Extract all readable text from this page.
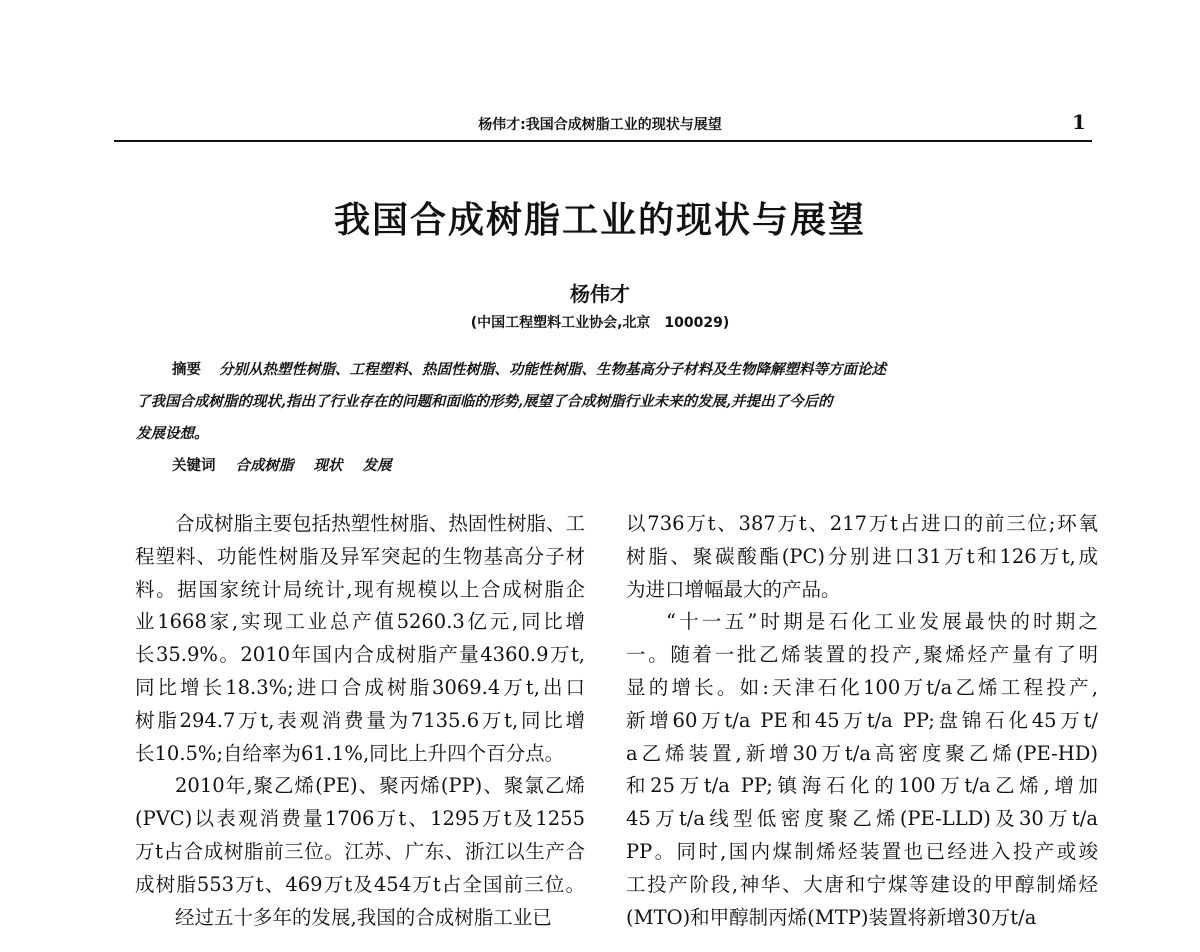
杨伟才:我国合成树脂工业的现状与展望	1
我国合成树脂工业的现状与展望
杨伟才
(中国工程塑料工业协会,北京　100029)
摘要 分别从热塑性树脂、工程塑料、热固性树脂、功能性树脂、生物基高分子材料及生物降解塑料等方面论述
了我国合成树脂的现状,指出了行业存在的问题和面临的形势,展望了合成树脂行业未来的发展,并提出了今后的
发展设想。
关键词 合成树脂 现状 发展
合成树脂主要包括热塑性树脂、热固性树脂、工
程塑料、功能性树脂及异军突起的生物基高分子材
料。据国家统计局统计,现有规模以上合成树脂企
业1668家,实现工业总产值5260.3亿元,同比增
长35.9%。2010年国内合成树脂产量4360.9万t,
同比增长18.3%;进口合成树脂3069.4万t,出口
树脂294.7万t,表观消费量为7135.6万t,同比增
长10.5%;自给率为61.1%,同比上升四个百分点。
2010年,聚乙烯(PE)、聚丙烯(PP)、聚氯乙烯
(PVC)以表观消费量1706万t、1295万t及1255
万t占合成树脂前三位。江苏、广东、浙江以生产合
成树脂553万t、469万t及454万t占全国前三位。
经过五十多年的发展,我国的合成树脂工业已
以736万t、387万t、217万t占进口的前三位;环氧
树脂、聚碳酸酯(PC)分别进口31万t和126万t,成
为进口增幅最大的产品。
“十一五”时期是石化工业发展最快的时期之
一。随着一批乙烯装置的投产,聚烯烃产量有了明
显的增长。如:天津石化100万t/a乙烯工程投产,
新增60万t/a PE和45万t/a PP;盘锦石化45万t/
a乙烯装置,新增30万t/a高密度聚乙烯(PE-HD)
和25万t/a PP;镇海石化的100万t/a乙烯,增加
45万t/a线型低密度聚乙烯(PE-LLD)及30万t/a
PP。同时,国内煤制烯烃装置也已经进入投产或竣
工投产阶段,神华、大唐和宁煤等建设的甲醇制烯烃
(MTO)和甲醇制丙烯(MTP)装置将新增30万t/a
